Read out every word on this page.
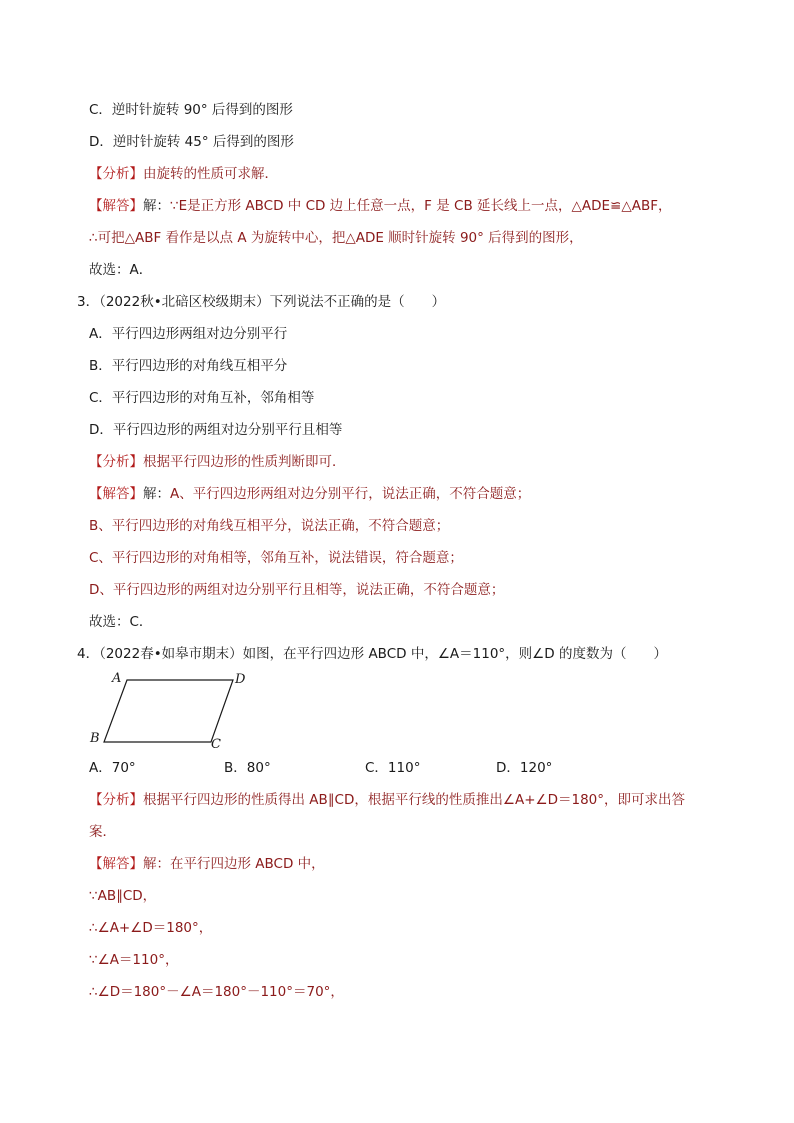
C．逆时针旋转 90° 后得到的图形
D．逆时针旋转 45° 后得到的图形
【分析】由旋转的性质可求解．
【解答】解：∵E是正方形 ABCD 中 CD 边上任意一点，F 是 CB 延长线上一点，△ADE≌△ABF，
∴可把△ABF 看作是以点 A 为旋转中心，把△ADE 顺时针旋转 90° 后得到的图形，
故选：A．
3．（2022秋•北碚区校级期末）下列说法不正确的是（　　）
A．平行四边形两组对边分别平行
B．平行四边形的对角线互相平分
C．平行四边形的对角互补，邻角相等
D．平行四边形的两组对边分别平行且相等
【分析】根据平行四边形的性质判断即可．
【解答】解：A、平行四边形两组对边分别平行，说法正确，不符合题意；
B、平行四边形的对角线互相平分，说法正确，不符合题意；
C、平行四边形的对角相等，邻角互补，说法错误，符合题意；
D、平行四边形的两组对边分别平行且相等，说法正确，不符合题意；
故选：C．
4．（2022春•如皋市期末）如图，在平行四边形 ABCD 中，∠A＝110°，则∠D 的度数为（　　）
A	D
B	C
A．70°	B．80°	C．110°	D．120°
【分析】根据平行四边形的性质得出 AB∥CD，根据平行线的性质推出∠A+∠D＝180°，即可求出答
案．
【解答】解：在平行四边形 ABCD 中，
∵AB∥CD，
∴∠A+∠D＝180°，
∵∠A＝110°，
∴∠D＝180°－∠A＝180°－110°＝70°，
